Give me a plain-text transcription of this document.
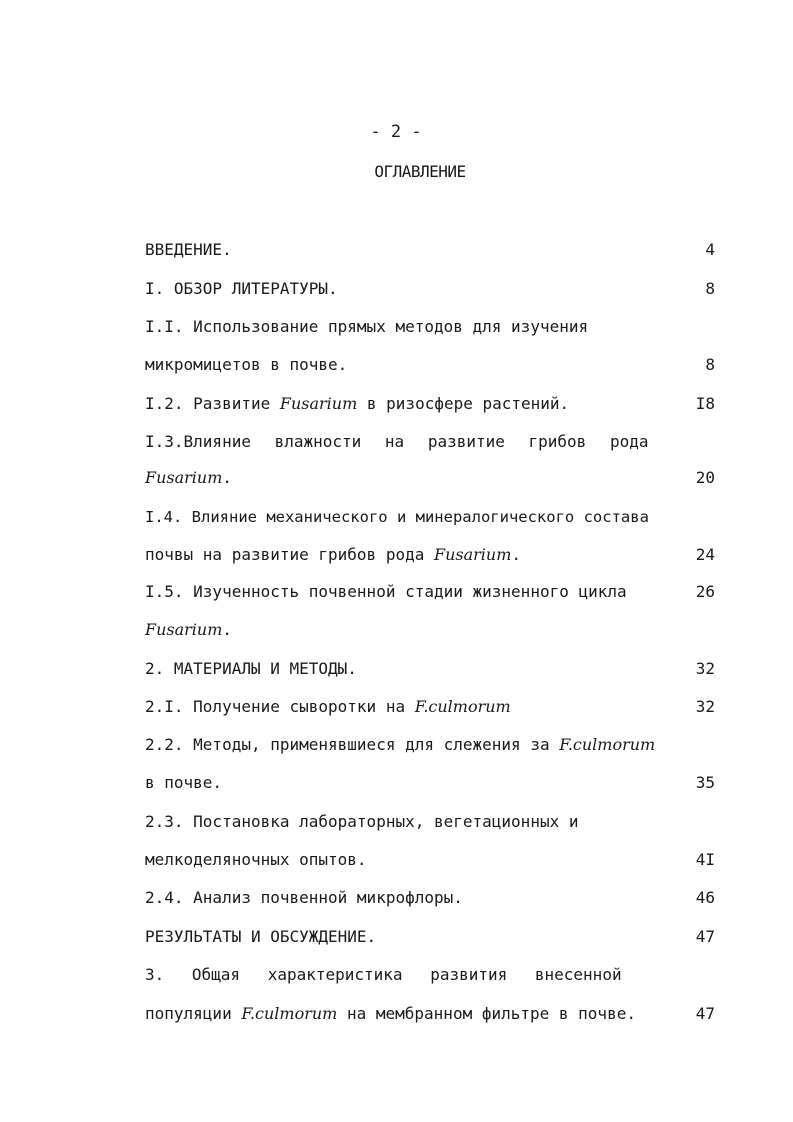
- 2 -
ОГЛАВЛЕНИЕ
ВВЕДЕНИЕ.	4
I. ОБЗОР ЛИТЕРАТУРЫ.	8
I.I. Использование прямых методов для изучения
микромицетов в почве.	8
I.2. Развитие Fusarium в ризосфере растений.	I8
I.3.Влияние влажности на развитие грибов рода
Fusarium.	20
I.4. Влияние механического и минералогического состава
почвы на развитие грибов рода Fusarium.	24
I.5. Изученность почвенной стадии жизненного цикла	26
Fusarium.
2. МАТЕРИАЛЫ И МЕТОДЫ.	32
2.I. Получение сыворотки на F.culmorum	32
2.2. Методы, применявшиеся для слежения за F.culmorum
в почве.	35
2.3. Постановка лабораторных, вегетационных и
мелкоделяночных опытов.	4I
2.4. Анализ почвенной микрофлоры.	46
РЕЗУЛЬТАТЫ И ОБСУЖДЕНИЕ.	47
3. Общая характеристика развития внесенной
популяции F.culmorum на мембранном фильтре в почве.	47
